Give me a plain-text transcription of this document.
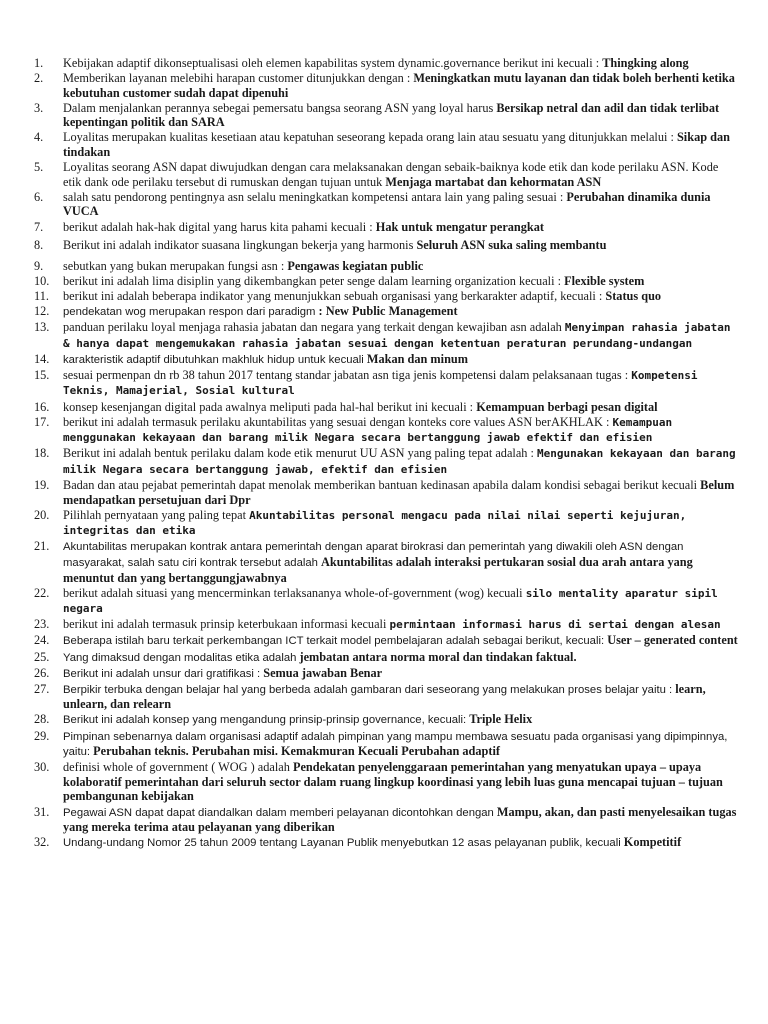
1. Kebijakan adaptif dikonseptualisasi oleh elemen kapabilitas system dynamic.governance berikut ini kecuali : Thingking along
2. Memberikan layanan melebihi harapan customer ditunjukkan dengan : Meningkatkan mutu layanan dan tidak boleh berhenti ketika kebutuhan customer sudah dapat dipenuhi
3. Dalam menjalankan perannya sebegai pemersatu bangsa seorang ASN yang loyal harus Bersikap netral dan adil dan tidak terlibat kepentingan politik dan SARA
4. Loyalitas merupakan kualitas kesetiaan atau kepatuhan seseorang kepada orang lain atau sesuatu yang ditunjukkan melalui : Sikap dan tindakan
5. Loyalitas seorang ASN dapat diwujudkan dengan cara melaksanakan dengan sebaik-baiknya kode etik dan kode perilaku ASN. Kode etik dank ode perilaku tersebut di rumuskan dengan tujuan untuk Menjaga martabat dan kehormatan ASN
6. salah satu pendorong pentingnya asn selalu meningkatkan kompetensi antara lain yang paling sesuai : Perubahan dinamika dunia VUCA
7. berikut adalah hak-hak digital yang harus kita pahami kecuali : Hak untuk mengatur perangkat
8. Berikut ini adalah indikator suasana lingkungan bekerja yang harmonis Seluruh ASN suka saling membantu
9. sebutkan yang bukan merupakan fungsi asn : Pengawas kegiatan public
10. berikut ini adalah lima disiplin yang dikembangkan peter senge dalam learning organization kecuali : Flexible system
11. berikut ini adalah beberapa indikator yang menunjukkan sebuah organisasi yang berkarakter adaptif, kecuali : Status quo
12. pendekatan wog merupakan respon dari paradigm : New Public Management
13. panduan perilaku loyal menjaga rahasia jabatan dan negara yang terkait dengan kewajiban asn adalah Menyimpan rahasia jabatan & hanya dapat mengemukakan rahasia jabatan sesuai dengan ketentuan peraturan perundang-undangan
14. karakteristik adaptif dibutuhkan makhluk hidup untuk kecuali Makan dan minum
15. sesuai permenpan dn rb 38 tahun 2017 tentang standar jabatan asn tiga jenis kompetensi dalam pelaksanaan tugas : Kompetensi Teknis, Mamajerial, Sosial kultural
16. konsep kesenjangan digital pada awalnya meliputi pada hal-hal berikut ini kecuali : Kemampuan berbagi pesan digital
17. berikut ini adalah termasuk perilaku akuntabilitas yang sesuai dengan konteks core values ASN berAKHLAK : Kemampuan menggunakan kekayaan dan barang milik Negara secara bertanggung jawab efektif dan efisien
18. Berikut ini adalah bentuk perilaku dalam kode etik menurut UU ASN yang paling tepat adalah : Mengunakan kekayaan dan barang milik Negara secara bertanggung jawab, efektif dan efisien
19. Badan dan atau pejabat pemerintah dapat menolak memberikan bantuan kedinasan apabila dalam kondisi sebagai berikut kecuali Belum mendapatkan persetujuan dari Dpr
20. Pilihlah pernyataan yang paling tepat Akuntabilitas personal mengacu pada nilai nilai seperti kejujuran, integritas dan etika
21. Akuntabilitas merupakan kontrak antara pemerintah dengan aparat birokrasi dan pemerintah yang diwakili oleh ASN dengan masyarakat, salah satu ciri kontrak tersebut adalah Akuntabilitas adalah interaksi pertukaran sosial dua arah antara yang menuntut dan yang bertanggungjawabnya
22. berikut adalah situasi yang mencerminkan terlaksananya whole-of-government (wog) kecuali silo mentality aparatur sipil negara
23. berikut ini adalah termasuk prinsip keterbukaan informasi kecuali permintaan informasi harus di sertai dengan alesan
24. Beberapa istilah baru terkait perkembangan ICT terkait model pembelajaran adalah sebagai berikut, kecuali: User – generated content
25. Yang dimaksud dengan modalitas etika adalah jembatan antara norma moral dan tindakan faktual.
26. Berikut ini adalah unsur dari gratifikasi : Semua jawaban Benar
27. Berpikir terbuka dengan belajar hal yang berbeda adalah gambaran dari seseorang yang melakukan proses belajar yaitu : learn, unlearn, dan relearn
28. Berikut ini adalah konsep yang mengandung prinsip-prinsip governance, kecuali: Triple Helix
29. Pimpinan sebenarnya dalam organisasi adaptif adalah pimpinan yang mampu membawa sesuatu pada organisasi yang dipimpinnya, yaitu: Perubahan teknis. Perubahan misi. Kemakmuran Kecuali Perubahan adaptif
30. definisi whole of government ( WOG ) adalah Pendekatan penyelenggaraan pemerintahan yang menyatukan upaya – upaya kolaboratif pemerintahan dari seluruh sector dalam ruang lingkup koordinasi yang lebih luas guna mencapai tujuan – tujuan pembangunan kebijakan
31. Pegawai ASN dapat dapat diandalkan dalam memberi pelayanan dicontohkan dengan Mampu, akan, dan pasti menyelesaikan tugas yang mereka terima atau pelayanan yang diberikan
32. Undang-undang Nomor 25 tahun 2009 tentang Layanan Publik menyebutkan 12 asas pelayanan publik, kecuali Kompetitif
